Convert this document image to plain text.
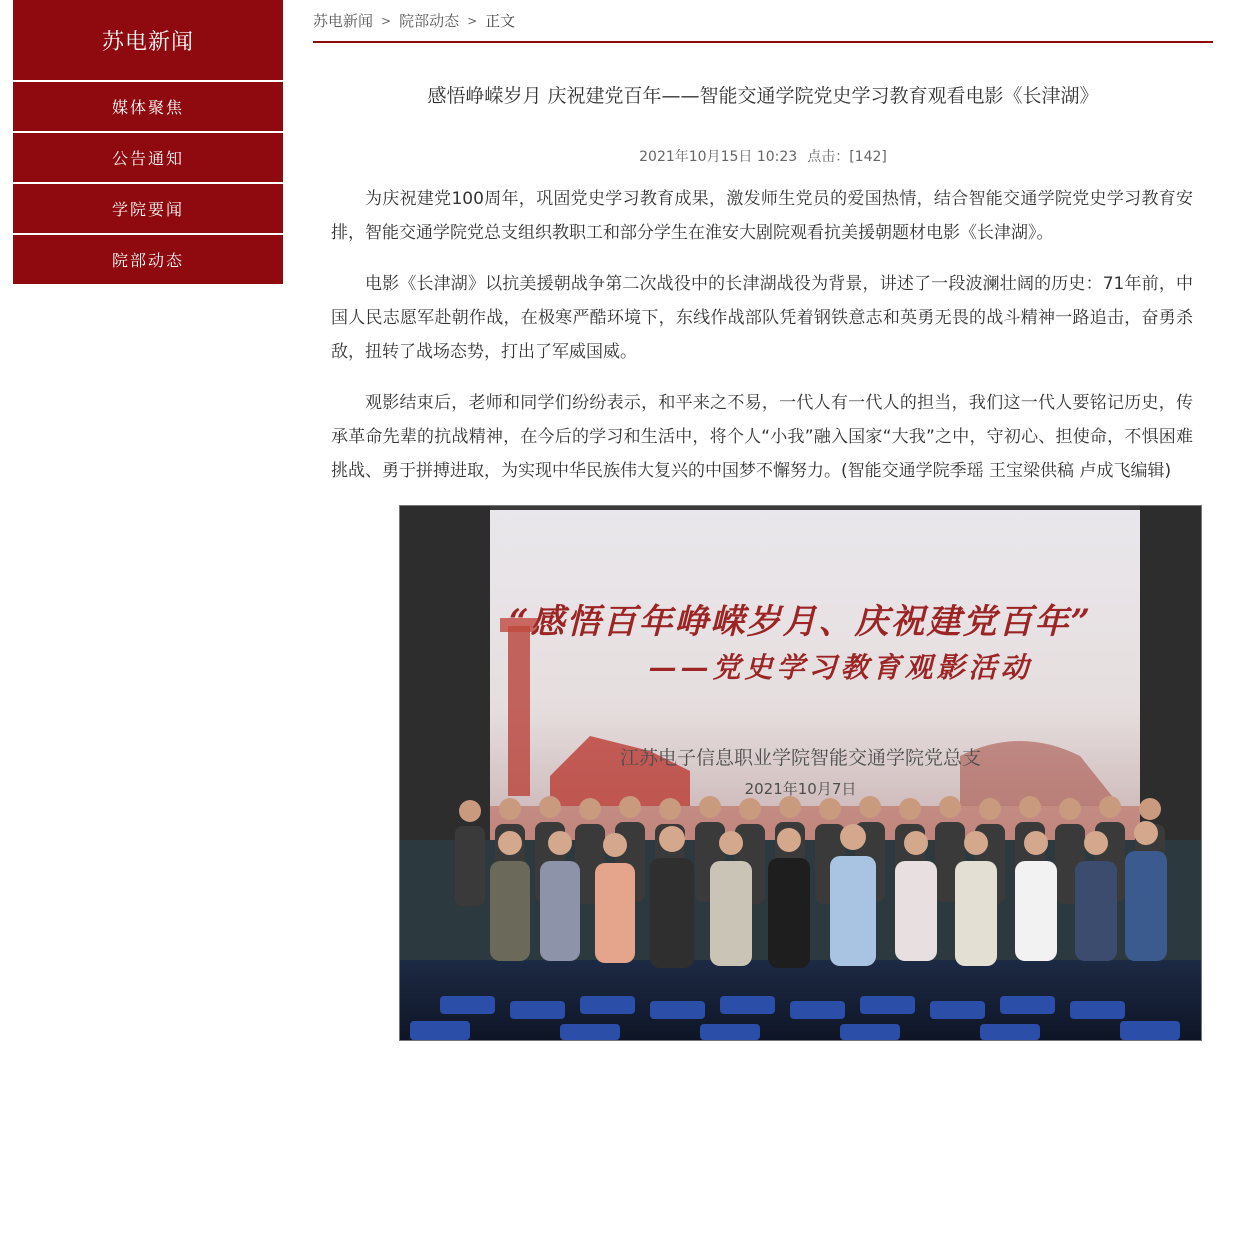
苏电新闻
媒体聚焦
公告通知
学院要闻
院部动态
苏电新闻 > 院部动态 > 正文
感悟峥嵘岁月 庆祝建党百年——智能交通学院党史学习教育观看电影《长津湖》
2021年10月15日 10:23 点击：[142]

为庆祝建党100周年，巩固党史学习教育成果，激发师生党员的爱国热情，结合智能交通学院党史学习教育安排，智能交通学院党总支组织教职工和部分学生在淮安大剧院观看抗美援朝题材电影《长津湖》。

电影《长津湖》以抗美援朝战争第二次战役中的长津湖战役为背景，讲述了一段波澜壮阔的历史：71年前，中国人民志愿军赴朝作战，在极寒严酷环境下，东线作战部队凭着钢铁意志和英勇无畏的战斗精神一路追击，奋勇杀敌，扭转了战场态势，打出了军威国威。

观影结束后，老师和同学们纷纷表示，和平来之不易，一代人有一代人的担当，我们这一代人要铭记历史，传承革命先辈的抗战精神，在今后的学习和生活中，将个人“小我”融入国家“大我”之中，守初心、担使命，不惧困难挑战、勇于拼搏进取，为实现中华民族伟大复兴的中国梦不懈努力。(智能交通学院季瑶 王宝梁供稿 卢成飞编辑)

“感悟百年峥嵘岁月、庆祝建党百年”
——党史学习教育观影活动
江苏电子信息职业学院智能交通学院党总支
2021年10月7日
